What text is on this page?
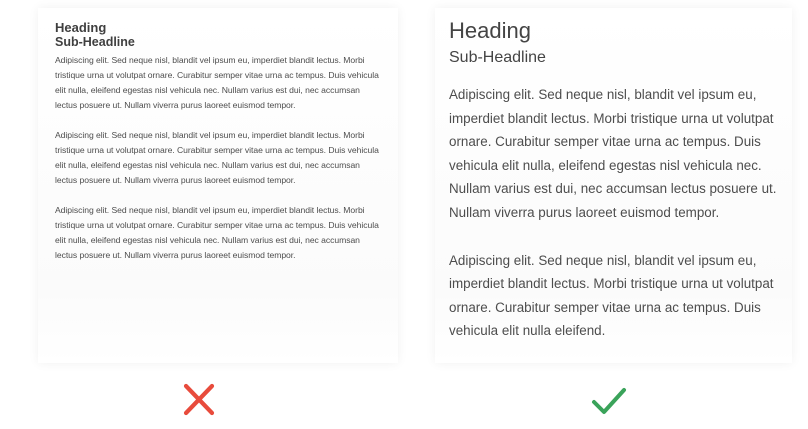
Heading
Sub-Headline

Adipiscing elit. Sed neque nisl, blandit vel ipsum eu, imperdiet blandit lectus. Morbi tristique urna ut volutpat ornare. Curabitur semper vitae urna ac tempus. Duis vehicula elit nulla, eleifend egestas nisl vehicula nec. Nullam varius est dui, nec accumsan lectus posuere ut. Nullam viverra purus laoreet euismod tempor.

Adipiscing elit. Sed neque nisl, blandit vel ipsum eu, imperdiet blandit lectus. Morbi tristique urna ut volutpat ornare. Curabitur semper vitae urna ac tempus. Duis vehicula elit nulla, eleifend egestas nisl vehicula nec. Nullam varius est dui, nec accumsan lectus posuere ut. Nullam viverra purus laoreet euismod tempor.

Adipiscing elit. Sed neque nisl, blandit vel ipsum eu, imperdiet blandit lectus. Morbi tristique urna ut volutpat ornare. Curabitur semper vitae urna ac tempus. Duis vehicula elit nulla, eleifend egestas nisl vehicula nec. Nullam varius est dui, nec accumsan lectus posuere ut. Nullam viverra purus laoreet euismod tempor.

Heading
Sub-Headline

Adipiscing elit. Sed neque nisl, blandit vel ipsum eu, imperdiet blandit lectus. Morbi tristique urna ut volutpat ornare. Curabitur semper vitae urna ac tempus. Duis vehicula elit nulla, eleifend egestas nisl vehicula nec. Nullam varius est dui, nec accumsan lectus posuere ut. Nullam viverra purus laoreet euismod tempor.

Adipiscing elit. Sed neque nisl, blandit vel ipsum eu, imperdiet blandit lectus. Morbi tristique urna ut volutpat ornare. Curabitur semper vitae urna ac tempus. Duis vehicula elit nulla eleifend.
